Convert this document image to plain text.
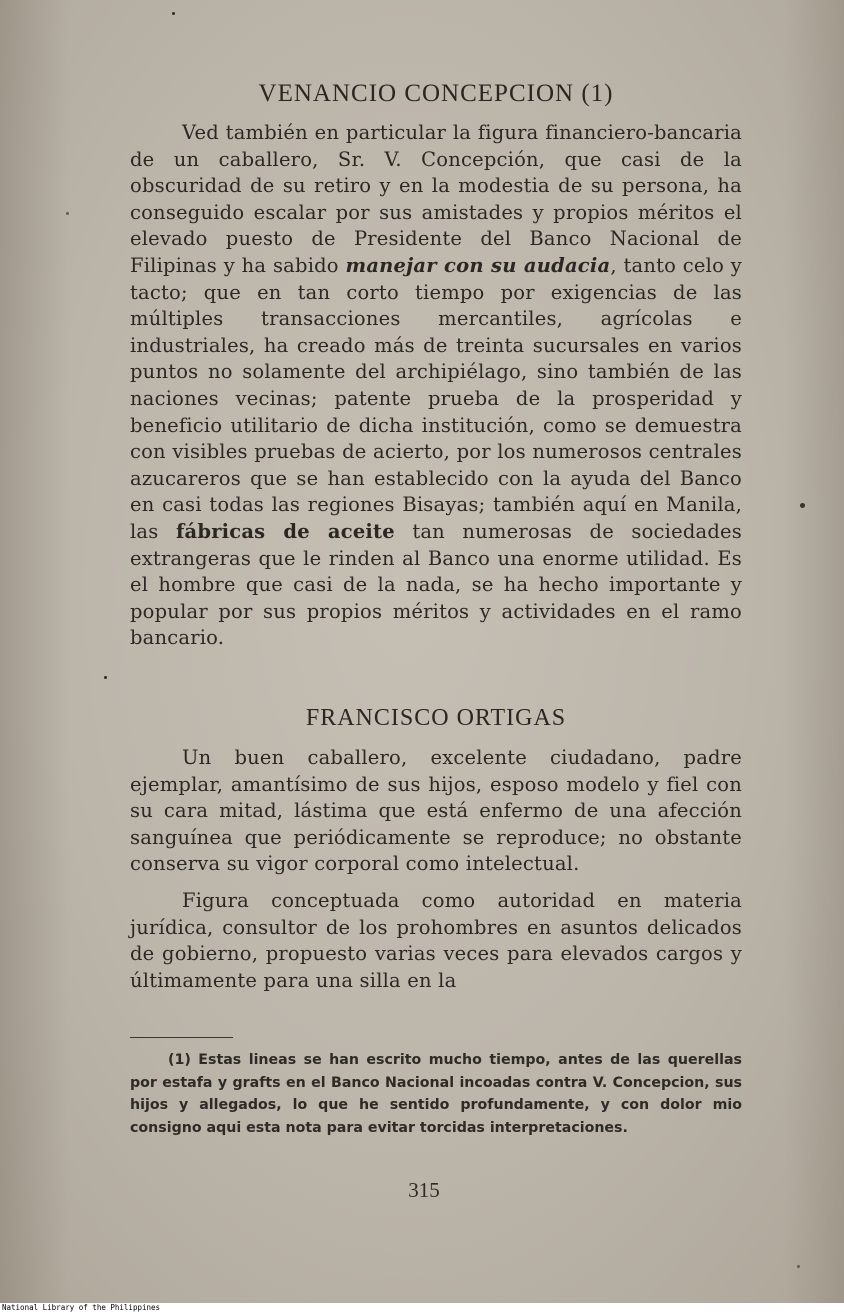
VENANCIO CONCEPCION (1)

Ved también en particular la figura financiero-bancaria de un caballero, Sr. V. Concepción, que casi de la obscuridad de su retiro y en la modestia de su persona, ha conseguido escalar por sus amistades y propios méritos el elevado puesto de Presidente del Banco Nacional de Filipinas y ha sabido manejar con su audacia, tanto celo y tacto; que en tan corto tiempo por exigencias de las múltiples transacciones mercantiles, agrícolas e industriales, ha creado más de treinta sucursales en varios puntos no solamente del archipiélago, sino también de las naciones vecinas; patente prueba de la prosperidad y beneficio utilitario de dicha institución, como se demuestra con visibles pruebas de acierto, por los numerosos centrales azucareros que se han establecido con la ayuda del Banco en casi todas las regiones Bisayas; también aquí en Manila, las fábricas de aceite tan numerosas de sociedades extrangeras que le rinden al Banco una enorme utilidad. Es el hombre que casi de la nada, se ha hecho importante y popular por sus propios méritos y actividades en el ramo bancario.

FRANCISCO ORTIGAS

Un buen caballero, excelente ciudadano, padre ejemplar, amantísimo de sus hijos, esposo modelo y fiel con su cara mitad, lástima que está enfermo de una afección sanguínea que periódicamente se reproduce; no obstante conserva su vigor corporal como intelectual.

Figura conceptuada como autoridad en materia jurídica, consultor de los prohombres en asuntos delicados de gobierno, propuesto varias veces para elevados cargos y últimamente para una silla en la

(1) Estas lineas se han escrito mucho tiempo, antes de las querellas por estafa y grafts en el Banco Nacional incoadas contra V. Concepcion, sus hijos y allegados, lo que he sentido profundamente, y con dolor mio consigno aqui esta nota para evitar torcidas interpretaciones.

315
National Library of the Philippines
